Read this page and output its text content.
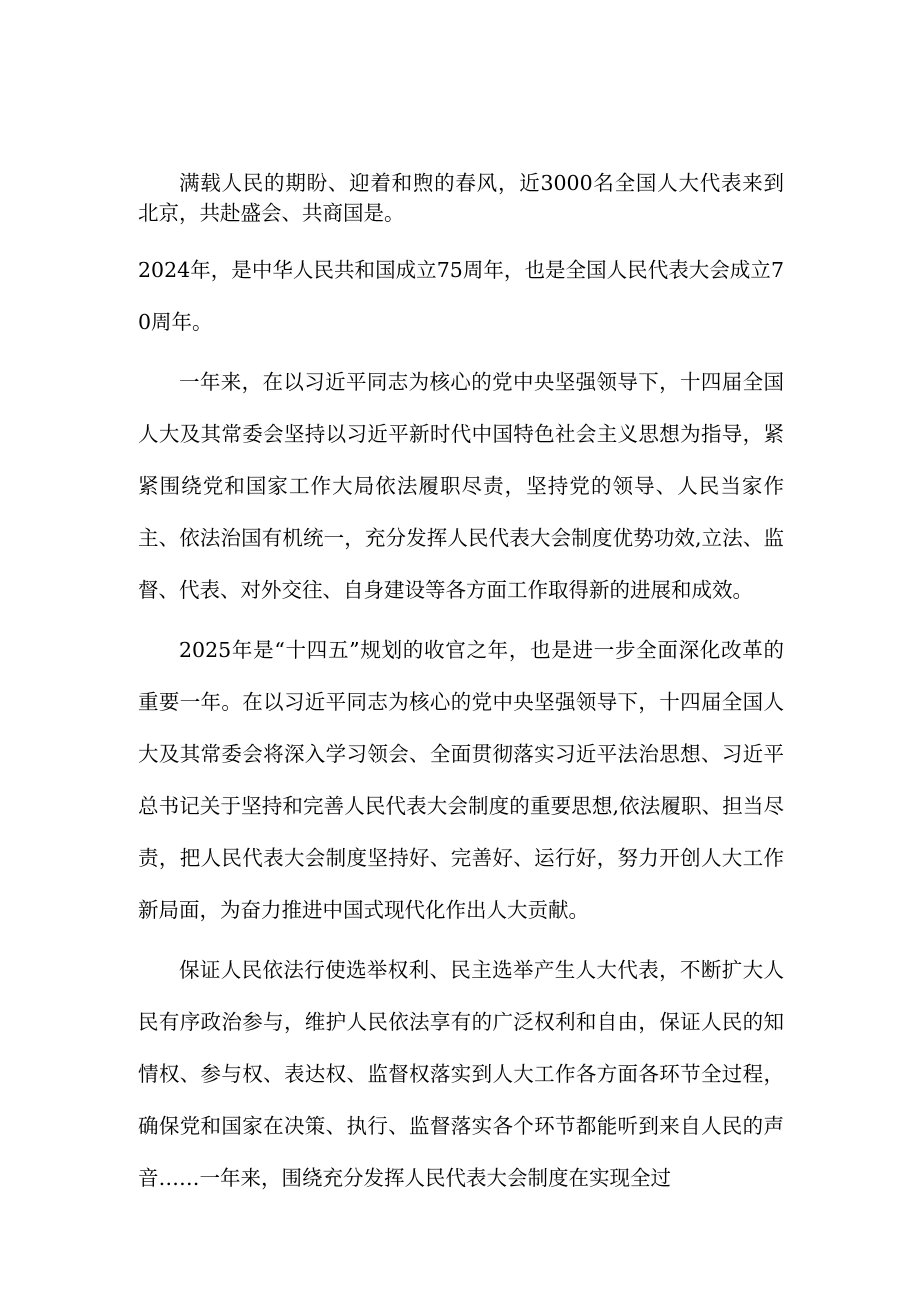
满载人民的期盼、迎着和煦的春风，近3000名全国人大代表来到北京，共赴盛会、共商国是。

2024年，是中华人民共和国成立75周年，也是全国人民代表大会成立70周年。

一年来，在以习近平同志为核心的党中央坚强领导下，十四届全国人大及其常委会坚持以习近平新时代中国特色社会主义思想为指导，紧紧围绕党和国家工作大局依法履职尽责，坚持党的领导、人民当家作主、依法治国有机统一，充分发挥人民代表大会制度优势功效,立法、监督、代表、对外交往、自身建设等各方面工作取得新的进展和成效。

2025年是“十四五”规划的收官之年，也是进一步全面深化改革的重要一年。在以习近平同志为核心的党中央坚强领导下，十四届全国人大及其常委会将深入学习领会、全面贯彻落实习近平法治思想、习近平总书记关于坚持和完善人民代表大会制度的重要思想,依法履职、担当尽责，把人民代表大会制度坚持好、完善好、运行好，努力开创人大工作新局面，为奋力推进中国式现代化作出人大贡献。

保证人民依法行使选举权利、民主选举产生人大代表，不断扩大人民有序政治参与，维护人民依法享有的广泛权利和自由，保证人民的知情权、参与权、表达权、监督权落实到人大工作各方面各环节全过程，确保党和国家在决策、执行、监督落实各个环节都能听到来自人民的声音……一年来，围绕充分发挥人民代表大会制度在实现全过
